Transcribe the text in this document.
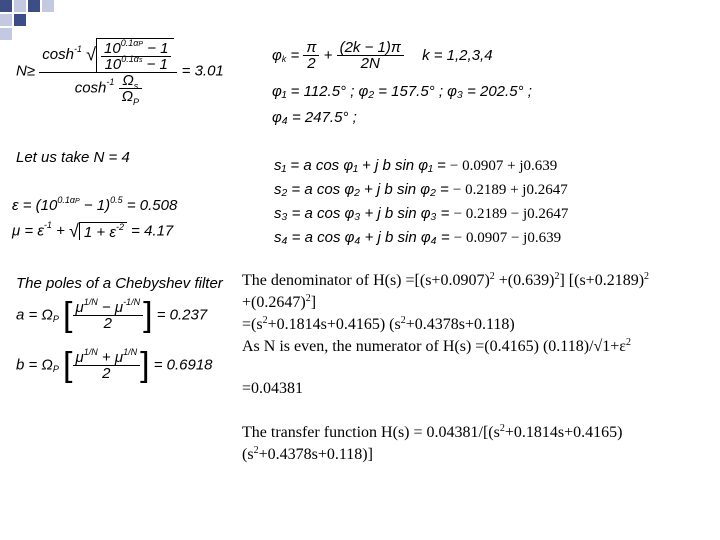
N≥
$\cosh^{-1}$ √ $\frac{10^{0.1\alpha P} - 1}{10^{0.1\alpha s} - 1}$
$\cosh^{-1} \frac{\Omega_s}{\Omega_P}$
= 3.01
Let us take N = 4
$\varepsilon = (10^{0.1\alpha P} - 1)^{0.5} = 0.508$
$\mu = \varepsilon^{-1}$ + √ $1 + \varepsilon^{-2} = 4.17$
The poles of a Chebyshev filter
$a = \Omega_P$ [ $\frac{\mu^{1/N} - \mu^{-1/N}}{2}$ ] = 0.237
$b = \Omega_P$ [ $\frac{\mu^{1/N} + \mu^{1/N}}{2}$ ] = 0.6918
$\varphi_k = \frac{\pi}{2} + \frac{(2k - 1)\pi}{2N}$ k = 1,2,3,4
φ₁ = 112.5° ; φ₂ = 157.5° ; φ₃ = 202.5° ;
φ₄ = 247.5° ;
s₁ = a cos φ₁ + j b sin φ₁ = − 0.0907 + j0.639
s₂ = a cos φ₂ + j b sin φ₂ = − 0.2189 + j0.2647
s₃ = a cos φ₃ + j b sin φ₃ = − 0.2189 − j0.2647
s₄ = a cos φ₄ + j b sin φ₄ = − 0.0907 − j0.639
The denominator of $H(s) =[(s+0.0907)^2 +(0.639)^2]$ [$(s+0.2189)^2$
$+(0.2647)^2$]
$=(s^2+0.1814s+0.4165)$ $(s^2+0.4378s+0.118)$
As N is even, the numerator of H(s) =(0.4165) $(0.118)/√1+\varepsilon^2$
=0.04381
The transfer function $H(s) = 0.04381/[(s^2+0.1814s+0.4165)$
$(s^2+0.4378s+0.118)$]
